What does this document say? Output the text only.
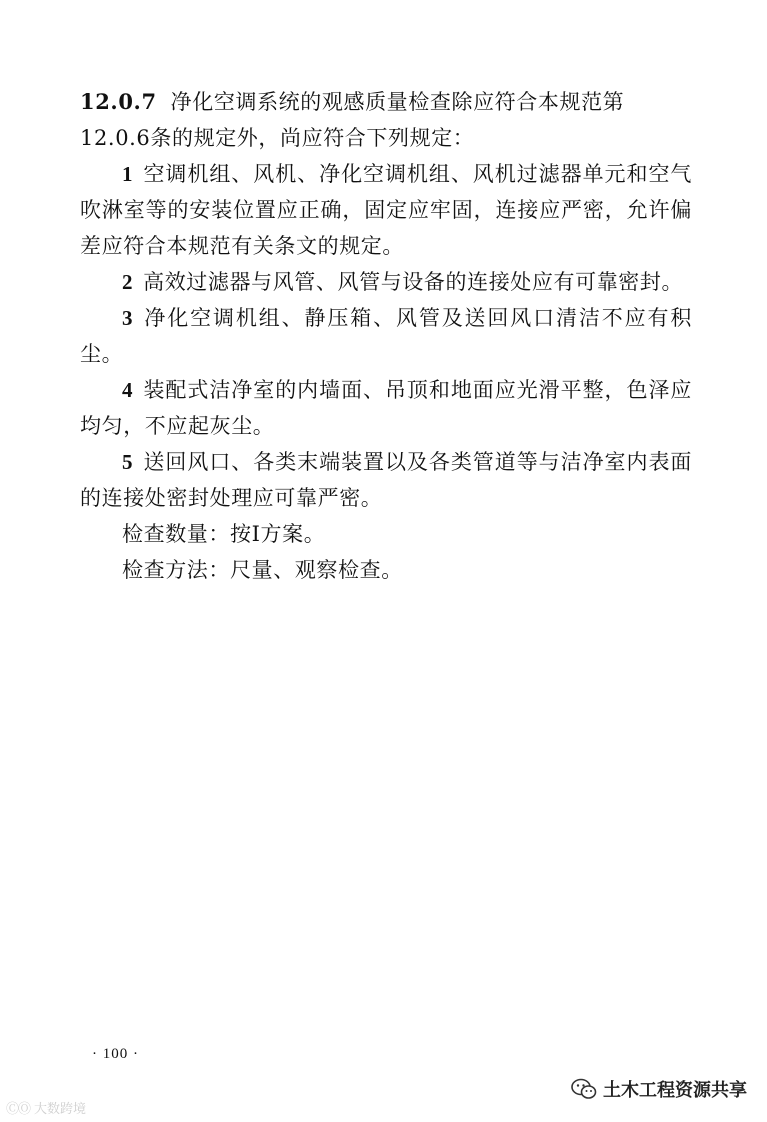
12.0.7 净化空调系统的观感质量检查除应符合本规范第
12.0.6条的规定外，尚应符合下列规定：

1 空调机组、风机、净化空调机组、风机过滤器单元和空气吹淋室等的安装位置应正确，固定应牢固，连接应严密，允许偏差应符合本规范有关条文的规定。

2 高效过滤器与风管、风管与设备的连接处应有可靠密封。

3 净化空调机组、静压箱、风管及送回风口清洁不应有积尘。

4 装配式洁净室的内墙面、吊顶和地面应光滑平整，色泽应均匀，不应起灰尘。

5 送回风口、各类末端装置以及各类管道等与洁净室内表面的连接处密封处理应可靠严密。

检查数量：按Ⅰ方案。

检查方法：尺量、观察检查。

· 100 ·
ⒸⓄ 大数跨境
土木工程资源共享
